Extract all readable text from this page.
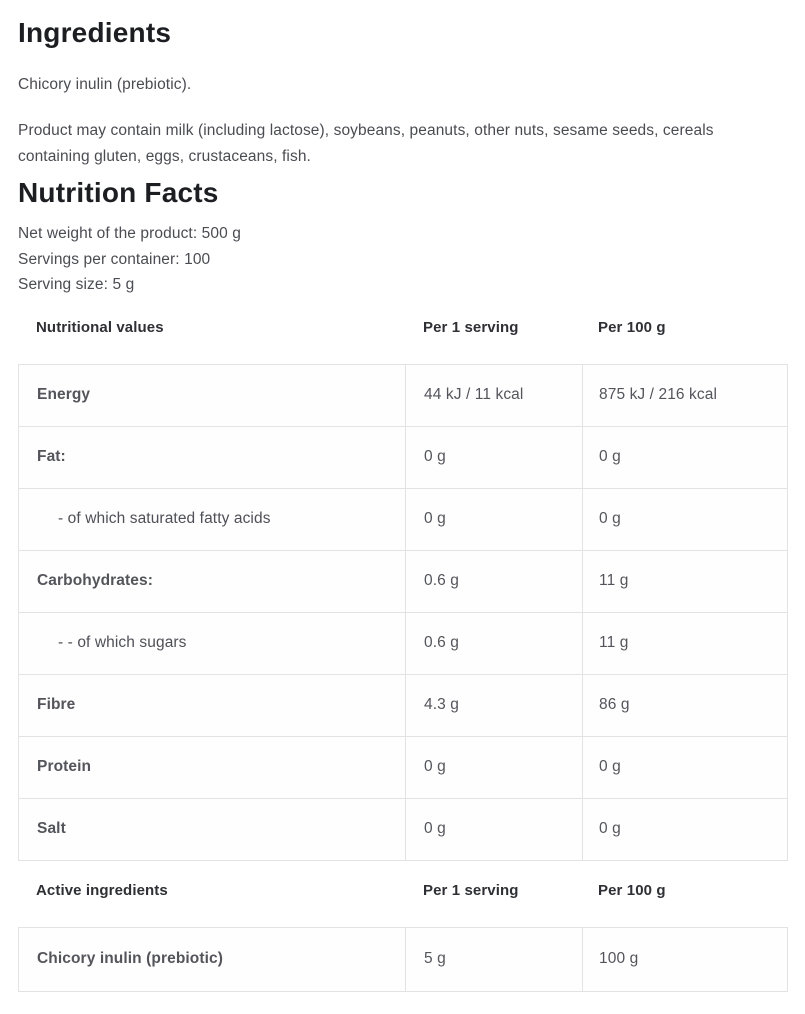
Ingredients

Chicory inulin (prebiotic).

Product may contain milk (including lactose), soybeans, peanuts, other nuts, sesame seeds, cereals containing gluten, eggs, crustaceans, fish.

Nutrition Facts
Net weight of the product: 500 g
Servings per container: 100
Serving size: 5 g
Nutritional values	Per 1 serving	Per 100 g
Energy	44 kJ / 11 kcal	875 kJ / 216 kcal
Fat:	0 g	0 g
- of which saturated fatty acids	0 g	0 g
Carbohydrates:	0.6 g	11 g
- - of which sugars	0.6 g	11 g
Fibre	4.3 g	86 g
Protein	0 g	0 g
Salt	0 g	0 g
Active ingredients	Per 1 serving	Per 100 g
Chicory inulin (prebiotic)	5 g	100 g
